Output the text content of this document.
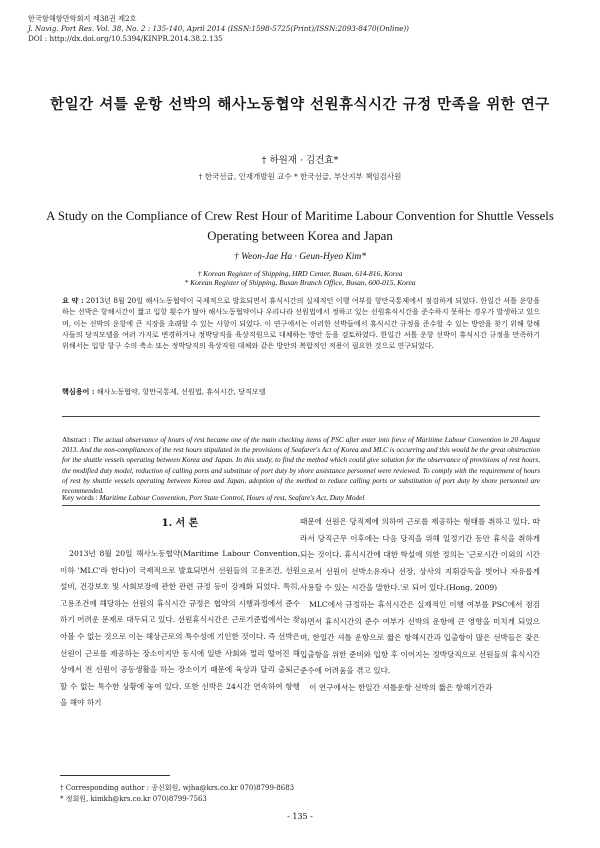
한국항해항만학회지 제38권 제2호
J. Navig. Port Res. Vol. 38, No. 2 : 135-140, April 2014 (ISSN:1598-5725(Print)/ISSN:2093-8470(Online))
DOI : http://dx.doi.org/10.5394/KINPR.2014.38.2.135
한일간 셔틀 운항 선박의 해사노동협약 선원휴식시간 규정 만족을 위한 연구
† 하원재 · 김건효*
† 한국선급, 인재개발원 교수 * 한국선급, 부산지부 책임검사원
A Study on the Compliance of Crew Rest Hour of Maritime Labour Convention for Shuttle Vessels Operating between Korea and Japan
† Weon-Jae Ha · Geun-Hyeo Kim*
† Korean Register of Shipping, HRD Center, Busan, 614-816, Korea
* Korean Register of Shipping, Busan Branch Office, Busan, 600-015, Korea
요 약 : 2013년 8월 20일 해사노동협약이 국제적으로 발효되면서 휴식시간의 실제적인 이행 여부를 항만국통제에서 점검하게 되었다. 한일간 셔틀 운항을 하는 선박은 항해시간이 짧고 입항 횟수가 많아 해사노동협약이나 우리나라 선원법에서 정하고 있는 선원휴식시간을 준수하지 못하는 경우가 발생하고 있으며, 이는 선박의 운항에 큰 지장을 초래할 수 있는 사항이 되었다. 이 연구에서는 이러한 선박들에서 휴식시간 규정을 준수할 수 있는 방안을 찾기 위해 항해사들의 당직모델을 여러 가지로 변경하거나 정박당직을 육상직원으로 대체하는 방안 등을 검토하였다. 한일간 셔틀 운항 선박이 휴식시간 규정을 만족하기 위해서는 입항 항구 수의 축소 또는 정박당직의 육상직원 대체와 같은 방안의 복합적인 적용이 필요한 것으로 연구되었다.
핵심용어 : 해사노동협약, 항만국통제, 선원법, 휴식시간, 당직모델
Abstract : The actual observance of hours of rest became one of the main checking items of PSC after enter into force of Maritime Labour Convention in 20 August 2013. And the non-compliances of the rest hours stipulated in the provisions of Seafarer's Act of Korea and MLC is occurring and this would be the great obstruction for the shuttle vessels operating between Korea and Japan. In this study, to find the method which could give solution for the observance of provisions of rest hours, the modified duty model, reduction of calling ports and substitute of port duty by shore assistance personnel were reviewed. To comply with the requirement of hours of rest by shuttle vessels operating between Korea and Japan, adoption of the method to reduce calling ports or substitution of port duty by shore personnel are recommended.
Key words : Maritime Labour Convention, Port State Control, Hours of rest, Seafare's Act, Duty Model
1. 서 론

2013년 8월 20일 해사노동협약(Maritime Labour Convention, 이하 'MLC'라 한다)이 국제적으로 발효되면서 선원들의 고용조건, 선원설비, 건강보호 및 사회보장에 관한 관련 규정 등이 강제화 되었다. 특히, 고용조건에 해당하는 선원의 휴식시간 규정은 협약의 시행과정에서 준수하기 어려운 문제로 대두되고 있다. 선원휴식시간은 근로기준법에서는 찾아볼 수 없는 것으로 이는 해상근로의 특수성에 기인한 것이다. 즉 선박은 선원이 근로를 제공하는 장소이지만 동시에 일반 사회와 멀리 떨어진 해상에서 전 선원이 공동생활을 하는 장소이기 때문에 육상과 달리 출퇴근할 수 없는 특수한 상황에 놓여 있다. 또한 선박은 24시간 연속하여 항행을 해야 하기

때문에 선원은 당직제에 의하여 근로를 제공하는 형태를 취하고 있다. 따라서 당직근무 이후에는 다음 당직을 위해 일정기간 동안 휴식을 취하게 되는 것이다. 휴식시간에 대한 학설에 의한 정의는 '근로시간 이외의 시간으로서 선원이 선박소유자나 선장, 상사의 지휘감독을 벗어나 자유롭게 사용할 수 있는 시간을 말한다.'로 되어 있다.(Hong, 2009)

MLC에서 규정하는 휴식시간은 실제적인 이행 여부를 PSC에서 점검하면서 휴식시간의 준수 여부가 선박의 운항에 큰 영향을 미치게 되었으며, 한일간 셔틀 운항으로 짧은 항해시간과 입출항이 많은 선박들은 잦은 입출항을 위한 준비와 입항 후 이어지는 정박당직으로 선원들의 휴식시간 준수에 어려움을 겪고 있다.

이 연구에서는 한일간 셔틀운항 선박의 짧은 항해기간과

† Corresponding author : 종신회원, wjha@krs.co.kr 070)8799-8683
* 정회원, kimkh@krs.co.kr 070)8799-7563
- 135 -
